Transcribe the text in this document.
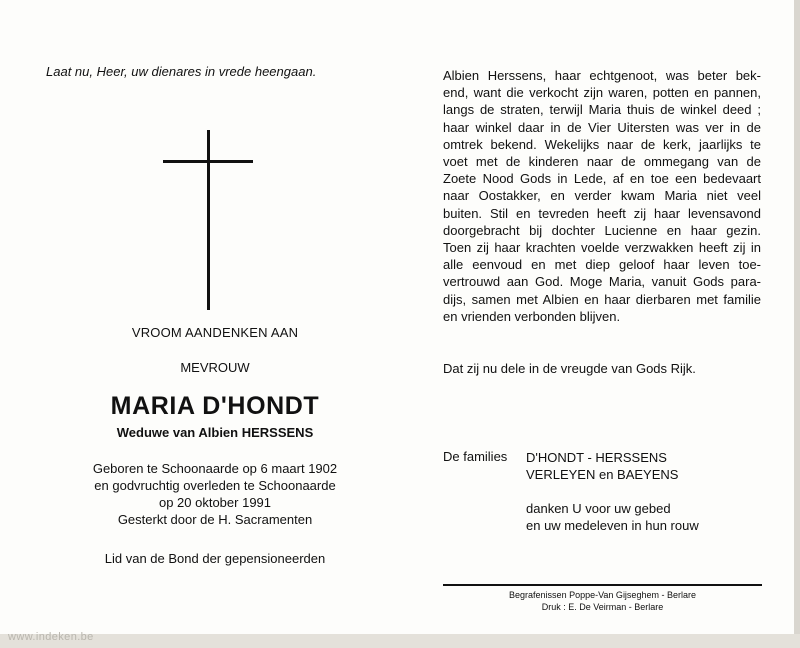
Laat nu, Heer, uw dienares in vrede heengaan.
VROOM AANDENKEN AAN
MEVROUW
MARIA D'HONDT
Weduwe van Albien HERSSENS
Geboren te Schoonaarde op 6 maart 1902
en godvruchtig overleden te Schoonaarde
op 20 oktober 1991
Gesterkt door de H. Sacramenten
Lid van de Bond der gepensioneerden
Albien Herssens, haar echtgenoot, was beter bek-
end, want die verkocht zijn waren, potten en pannen,
langs de straten, terwijl Maria thuis de winkel deed ;
haar winkel daar in de Vier Uitersten was ver in de
omtrek bekend. Wekelijks naar de kerk, jaarlijks te
voet met de kinderen naar de ommegang van de
Zoete Nood Gods in Lede, af en toe een bedevaart
naar Oostakker, en verder kwam Maria niet veel
buiten. Stil en tevreden heeft zij haar levensavond
doorgebracht bij dochter Lucienne en haar gezin.
Toen zij haar krachten voelde verzwakken heeft zij in
alle eenvoud en met diep geloof haar leven toe-
vertrouwd aan God. Moge Maria, vanuit Gods para-
dijs, samen met Albien en haar dierbaren met familie
en vrienden verbonden blijven.
Dat zij nu dele in de vreugde van Gods Rijk.
De families D'HONDT - HERSSENS
VERLEYEN en BAEYENS
danken U voor uw gebed
en uw medeleven in hun rouw
Begrafenissen Poppe-Van Gijseghem - Berlare
Druk : E. De Veirman - Berlare
www.indeken.be
